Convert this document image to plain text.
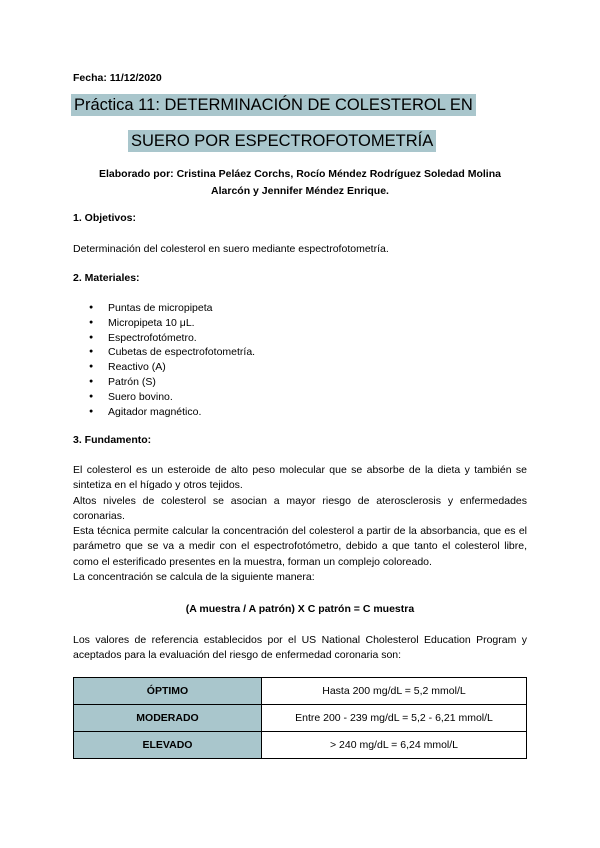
Fecha: 11/12/2020
Práctica 11: DETERMINACIÓN DE COLESTEROL EN
SUERO POR ESPECTROFOTOMETRÍA
Elaborado por: Cristina Peláez Corchs, Rocío Méndez Rodríguez Soledad Molina
Alarcón y Jennifer Méndez Enrique.
1. Objetivos:
Determinación del colesterol en suero mediante espectrofotometría.
2. Materiales:
● Puntas de micropipeta
● Micropipeta 10 μL.
● Espectrofotómetro.
● Cubetas de espectrofotometría.
● Reactivo (A)
● Patrón (S)
● Suero bovino.
● Agitador magnético.
3. Fundamento:
El colesterol es un esteroide de alto peso molecular que se absorbe de la dieta y también se sintetiza en el hígado y otros tejidos.
Altos niveles de colesterol se asocian a mayor riesgo de aterosclerosis y enfermedades coronarias.
Esta técnica permite calcular la concentración del colesterol a partir de la absorbancia, que es el parámetro que se va a medir con el espectrofotómetro, debido a que tanto el colesterol libre, como el esterificado presentes en la muestra, forman un complejo coloreado.
La concentración se calcula de la siguiente manera:
(A muestra / A patrón) X C patrón = C muestra
Los valores de referencia establecidos por el US National Cholesterol Education Program y aceptados para la evaluación del riesgo de enfermedad coronaria son:
ÓPTIMO	Hasta 200 mg/dL = 5,2 mmol/L
MODERADO	Entre 200 - 239 mg/dL = 5,2 - 6,21 mmol/L
ELEVADO	> 240 mg/dL = 6,24 mmol/L
